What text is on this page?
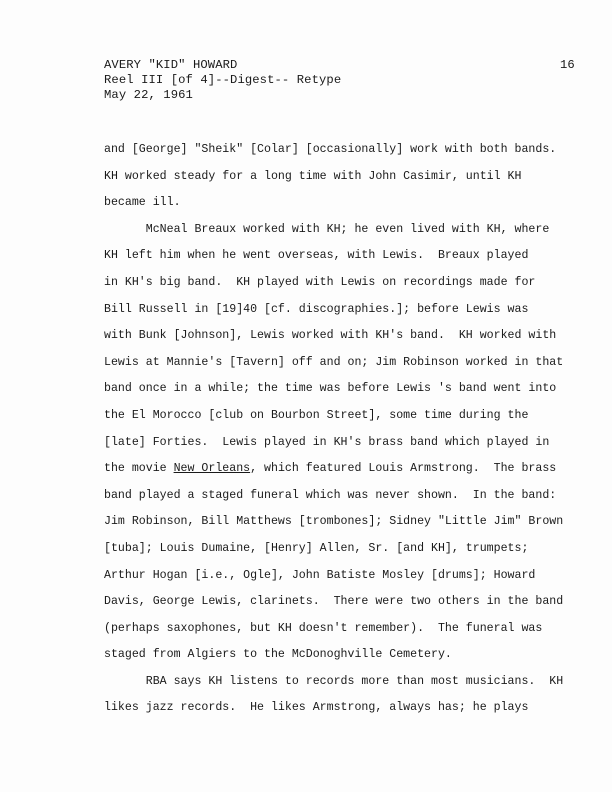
AVERY "KID" HOWARD
Reel III [of 4]--Digest-- Retype
May 22, 1961
16
and [George] "Sheik" [Colar] [occasionally] work with both bands.
KH worked steady for a long time with John Casimir, until KH
became ill.
McNeal Breaux worked with KH; he even lived with KH, where
KH left him when he went overseas, with Lewis.  Breaux played
in KH's big band.  KH played with Lewis on recordings made for
Bill Russell in [19]40 [cf. discographies.]; before Lewis was
with Bunk [Johnson], Lewis worked with KH's band.  KH worked with
Lewis at Mannie's [Tavern] off and on; Jim Robinson worked in that
band once in a while; the time was before Lewis 's band went into
the El Morocco [club on Bourbon Street], some time during the
[late] Forties.  Lewis played in KH's brass band which played in
the movie New Orleans, which featured Louis Armstrong.  The brass
band played a staged funeral which was never shown.  In the band:
Jim Robinson, Bill Matthews [trombones]; Sidney "Little Jim" Brown
[tuba]; Louis Dumaine, [Henry] Allen, Sr. [and KH], trumpets;
Arthur Hogan [i.e., Ogle], John Batiste Mosley [drums]; Howard
Davis, George Lewis, clarinets.  There were two others in the band
(perhaps saxophones, but KH doesn't remember).  The funeral was
staged from Algiers to the McDonoghville Cemetery.
RBA says KH listens to records more than most musicians.  KH
likes jazz records.  He likes Armstrong, always has; he plays
